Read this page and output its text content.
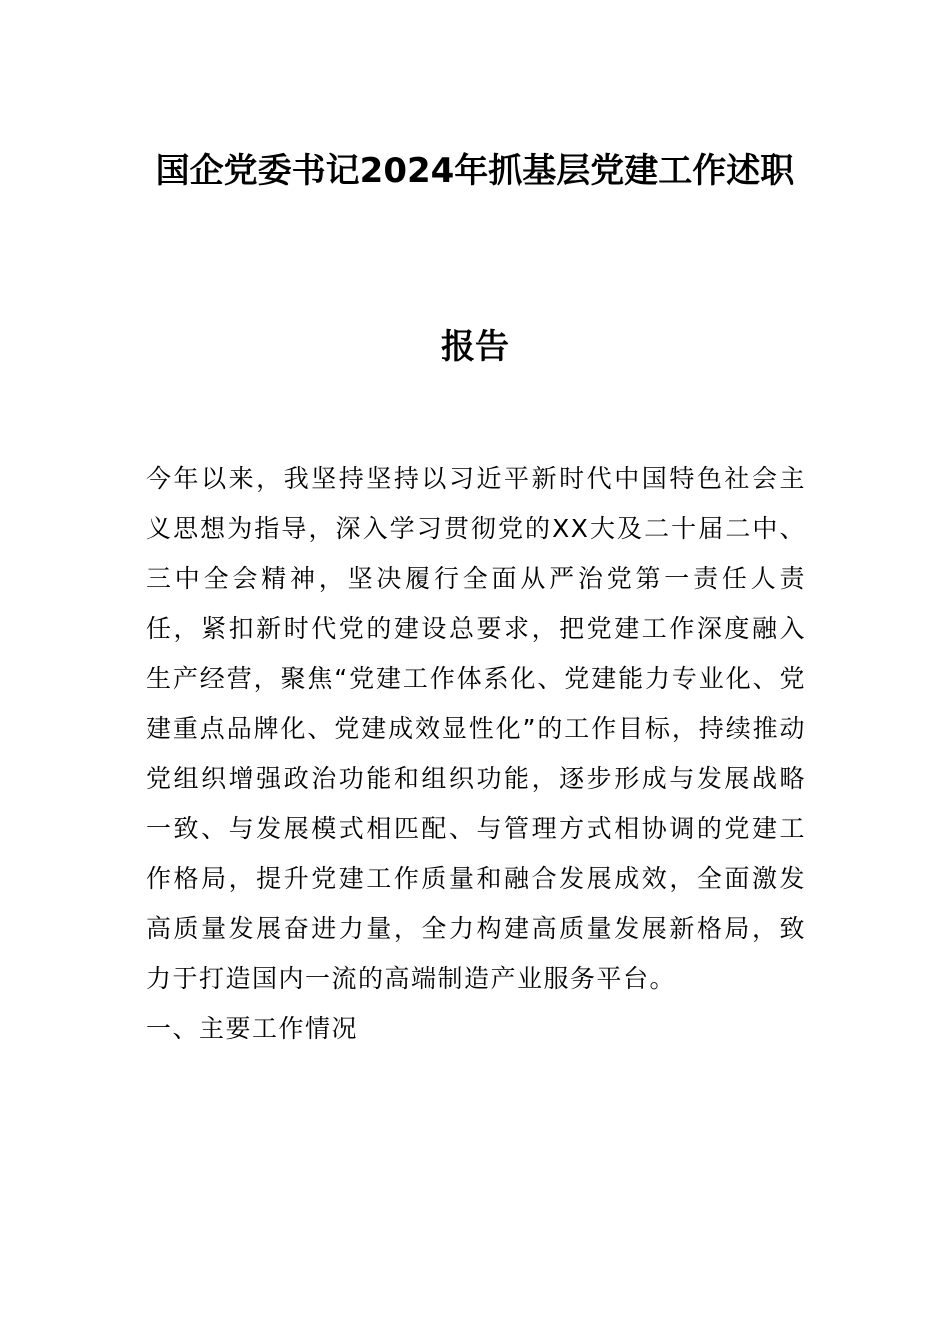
国企党委书记2024年抓基层党建工作述职
报告

今年以来，我坚持坚持以习近平新时代中国特色社会主义思想为指导，深入学习贯彻党的XX大及二十届二中、三中全会精神，坚决履行全面从严治党第一责任人责任，紧扣新时代党的建设总要求，把党建工作深度融入生产经营，聚焦“党建工作体系化、党建能力专业化、党建重点品牌化、党建成效显性化”的工作目标，持续推动党组织增强政治功能和组织功能，逐步形成与发展战略一致、与发展模式相匹配、与管理方式相协调的党建工作格局，提升党建工作质量和融合发展成效，全面激发高质量发展奋进力量，全力构建高质量发展新格局，致力于打造国内一流的高端制造产业服务平台。

一、主要工作情况
